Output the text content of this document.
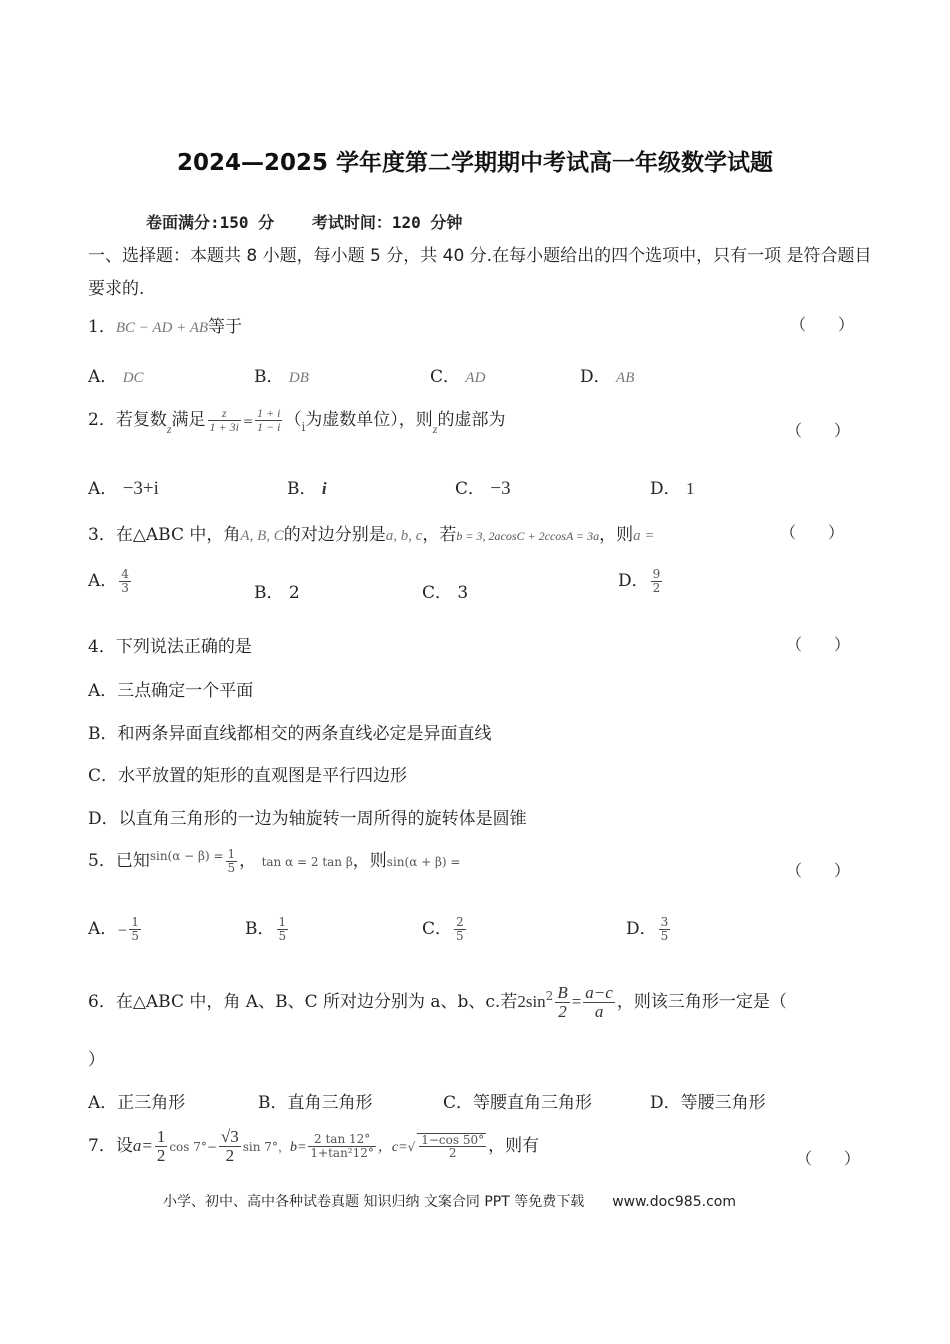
2024—2025 学年度第二学期期中考试高一年级数学试题
卷面满分:150 分 考试时间：120 分钟
一、选择题：本题共 8 小题，每小题 5 分，共 40 分.在每小题给出的四个选项中，只有一项 是符合题目要求的.
1．BC − AD + AB等于	（　　）
A． DC	B． DB	C． AD	D． AB
2．若复数$_z$满足 $\frac{z}{1 + 3i} = \frac{1 + i}{1 - i} (_i$为虚数单位），则$_z$的虚部为
（　　）
A． −3+i	B． i	C． −3	D． 1
3．在△ABC 中，角A, B, C的对边分别是a, b, c，若b = 3, 2acosC + 2ccosA = 3a，则a =	（　　）
A． $\frac{4}{3}$	B． 2	C． 3
D． $\frac{9}{2}$
4．下列说法正确的是	（　　）
A．三点确定一个平面
B．和两条异面直线都相交的两条直线必定是异面直线
C．水平放置的矩形的直观图是平行四边形
D．以直角三角形的一边为轴旋转一周所得的旋转体是圆锥
5．已知$^{sin(\alpha - \beta) =} \frac{1}{5}$ ， tan α = 2 tan β，则sin(α + β) =	（　　）
A．− $\frac{1}{5}$	B． $\frac{1}{5}$	C． $\frac{2}{5}$	D． $\frac{3}{5}$
6．在△ABC 中，角 A、B、C 所对边分别为 a、b、c.若$2\sin^2 \frac{B}{2} = \frac{a-c}{a}$ ，则该三角形一定是（
）
A．正三角形	B．直角三角形	C．等腰直角三角形	D．等腰三角形
7．设$a= \frac{1}{2}$ $\cos 7^\circ- \frac{√3}{2}$ sin 7°，$b= \frac{2 \tan 12^\circ}{\text{1+tan²12°}}$ ，$c=√ \frac{1-\cos 50^\circ}{2}$ ，则有
（　　）
小学、初中、高中各种试卷真题 知识归纳 文案合同 PPT 等免费下载　　www.doc985.com
